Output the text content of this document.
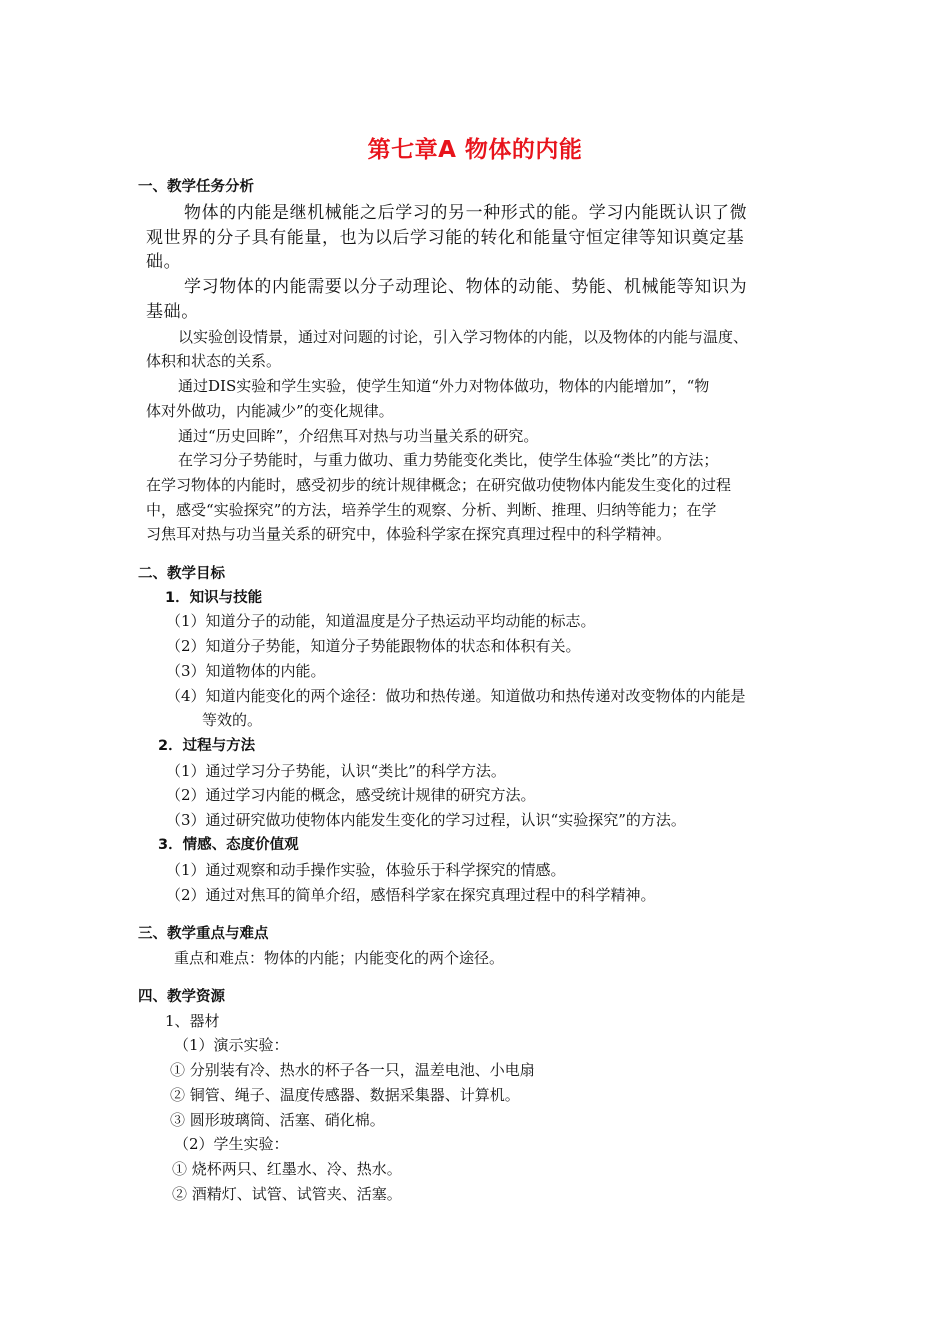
第七章A 物体的内能
一、教学任务分析
物体的内能是继机械能之后学习的另一种形式的能。学习内能既认识了微
观世界的分子具有能量，也为以后学习能的转化和能量守恒定律等知识奠定基
础。
学习物体的内能需要以分子动理论、物体的动能、势能、机械能等知识为
基础。
以实验创设情景，通过对问题的讨论，引入学习物体的内能，以及物体的内能与温度、
体积和状态的关系。
通过DIS实验和学生实验，使学生知道“外力对物体做功，物体的内能增加”，“物
体对外做功，内能减少”的变化规律。
通过“历史回眸”，介绍焦耳对热与功当量关系的研究。
在学习分子势能时，与重力做功、重力势能变化类比，使学生体验“类比”的方法；
在学习物体的内能时，感受初步的统计规律概念；在研究做功使物体内能发生变化的过程
中，感受“实验探究”的方法，培养学生的观察、分析、判断、推理、归纳等能力；在学
习焦耳对热与功当量关系的研究中，体验科学家在探究真理过程中的科学精神。
二、教学目标
1．知识与技能
（1）知道分子的动能，知道温度是分子热运动平均动能的标志。
（2）知道分子势能，知道分子势能跟物体的状态和体积有关。
（3）知道物体的内能。
（4）知道内能变化的两个途径：做功和热传递。知道做功和热传递对改变物体的内能是
等效的。
2．过程与方法
（1）通过学习分子势能，认识“类比”的科学方法。
（2）通过学习内能的概念，感受统计规律的研究方法。
（3）通过研究做功使物体内能发生变化的学习过程，认识“实验探究”的方法。
3．情感、态度价值观
（1）通过观察和动手操作实验，体验乐于科学探究的情感。
（2）通过对焦耳的简单介绍，感悟科学家在探究真理过程中的科学精神。
三、教学重点与难点
重点和难点：物体的内能；内能变化的两个途径。
四、教学资源
1、器材
（1）演示实验：
① 分别装有冷、热水的杯子各一只，温差电池、小电扇
② 铜管、绳子、温度传感器、数据采集器、计算机。
③ 圆形玻璃筒、活塞、硝化棉。
（2）学生实验：
① 烧杯两只、红墨水、冷、热水。
② 酒精灯、试管、试管夹、活塞。
